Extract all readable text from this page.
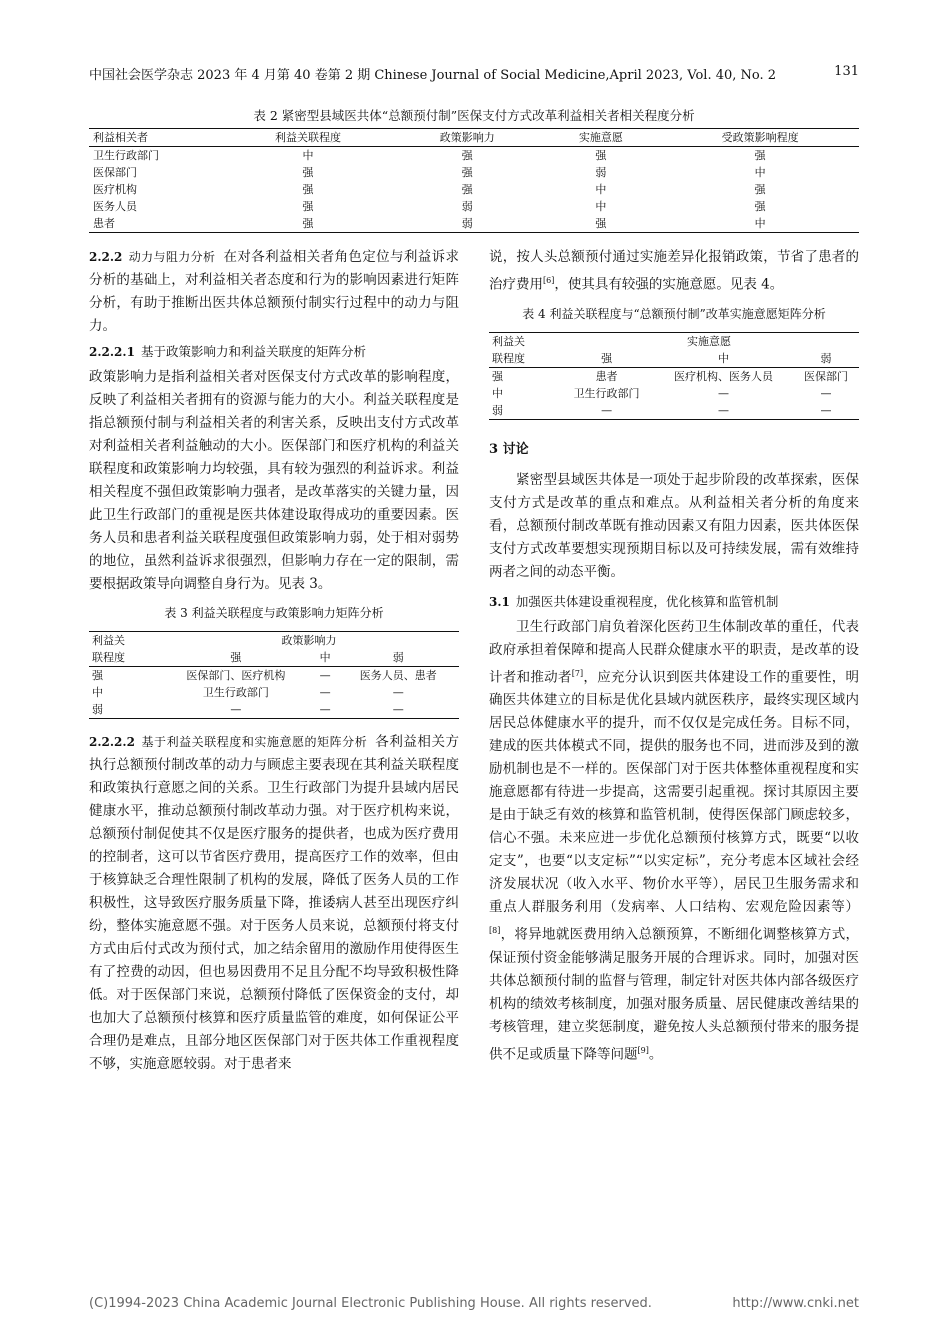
中国社会医学杂志 2023 年 4 月第 40 卷第 2 期 Chinese Journal of Social Medicine,April 2023, Vol. 40, No. 2	131
表 2 紧密型县域医共体“总额预付制”医保支付方式改革利益相关者相关程度分析
利益相关者	利益关联程度	政策影响力	实施意愿	受政策影响程度
卫生行政部门	中	强	强	强
医保部门	强	强	弱	中
医疗机构	强	强	中	强
医务人员	强	弱	中	强
患者	强	弱	强	中

2.2.2 动力与阻力分析 在对各利益相关者角色定位与利益诉求分析的基础上，对利益相关者态度和行为的影响因素进行矩阵分析，有助于推断出医共体总额预付制实行过程中的动力与阻力。

2.2.2.1 基于政策影响力和利益关联度的矩阵分析

政策影响力是指利益相关者对医保支付方式改革的影响程度，反映了利益相关者拥有的资源与能力的大小。利益关联程度是指总额预付制与利益相关者的利害关系，反映出支付方式改革对利益相关者利益触动的大小。医保部门和医疗机构的利益关联程度和政策影响力均较强，具有较为强烈的利益诉求。利益相关程度不强但政策影响力强者，是改革落实的关键力量，因此卫生行政部门的重视是医共体建设取得成功的重要因素。医务人员和患者利益关联程度强但政策影响力弱，处于相对弱势的地位，虽然利益诉求很强烈，但影响力存在一定的限制，需要根据政策导向调整自身行为。见表 3。

表 3 利益关联程度与政策影响力矩阵分析
利益关	政策影响力		
联程度	强	中	弱
强	医保部门、医疗机构	—	医务人员、患者
中	卫生行政部门	—	—
弱	—	—	—

2.2.2.2 基于利益关联程度和实施意愿的矩阵分析 各利益相关方执行总额预付制改革的动力与顾虑主要表现在其利益关联程度和政策执行意愿之间的关系。卫生行政部门为提升县域内居民健康水平，推动总额预付制改革动力强。对于医疗机构来说，总额预付制促使其不仅是医疗服务的提供者，也成为医疗费用的控制者，这可以节省医疗费用，提高医疗工作的效率，但由于核算缺乏合理性限制了机构的发展，降低了医务人员的工作积极性，这导致医疗服务质量下降，推诿病人甚至出现医疗纠纷，整体实施意愿不强。对于医务人员来说，总额预付将支付方式由后付式改为预付式，加之结余留用的激励作用使得医生有了控费的动因，但也易因费用不足且分配不均导致积极性降低。对于医保部门来说，总额预付降低了医保资金的支付，却也加大了总额预付核算和医疗质量监管的难度，如何保证公平合理仍是难点，且部分地区医保部门对于医共体工作重视程度不够，实施意愿较弱。对于患者来

说，按人头总额预付通过实施差异化报销政策，节省了患者的治疗费用[6]，使其具有较强的实施意愿。见表 4。

表 4 利益关联程度与“总额预付制”改革实施意愿矩阵分析
利益关	实施意愿		
联程度	强	中	弱
强	患者	医疗机构、医务人员	医保部门
中	卫生行政部门	—	—
弱	—	—	—
3 讨论

紧密型县域医共体是一项处于起步阶段的改革探索，医保支付方式是改革的重点和难点。从利益相关者分析的角度来看，总额预付制改革既有推动因素又有阻力因素，医共体医保支付方式改革要想实现预期目标以及可持续发展，需有效维持两者之间的动态平衡。

3.1 加强医共体建设重视程度，优化核算和监管机制

卫生行政部门肩负着深化医药卫生体制改革的重任，代表政府承担着保障和提高人民群众健康水平的职责，是改革的设计者和推动者[7]，应充分认识到医共体建设工作的重要性，明确医共体建立的目标是优化县域内就医秩序，最终实现区域内居民总体健康水平的提升，而不仅仅是完成任务。目标不同，建成的医共体模式不同，提供的服务也不同，进而涉及到的激励机制也是不一样的。医保部门对于医共体整体重视程度和实施意愿都有待进一步提高，这需要引起重视。探讨其原因主要是由于缺乏有效的核算和监管机制，使得医保部门顾虑较多，信心不强。未来应进一步优化总额预付核算方式，既要“以收定支”，也要“以支定标”“以实定标”，充分考虑本区域社会经济发展状况（收入水平、物价水平等），居民卫生服务需求和重点人群服务利用（发病率、人口结构、宏观危险因素等）[8]，将异地就医费用纳入总额预算，不断细化调整核算方式，保证预付资金能够满足服务开展的合理诉求。同时，加强对医共体总额预付制的监督与管理，制定针对医共体内部各级医疗机构的绩效考核制度，加强对服务质量、居民健康改善结果的考核管理，建立奖惩制度，避免按人头总额预付带来的服务提供不足或质量下降等问题[9]。

(C)1994-2023 China Academic Journal Electronic Publishing House. All rights reserved.	http://www.cnki.net
